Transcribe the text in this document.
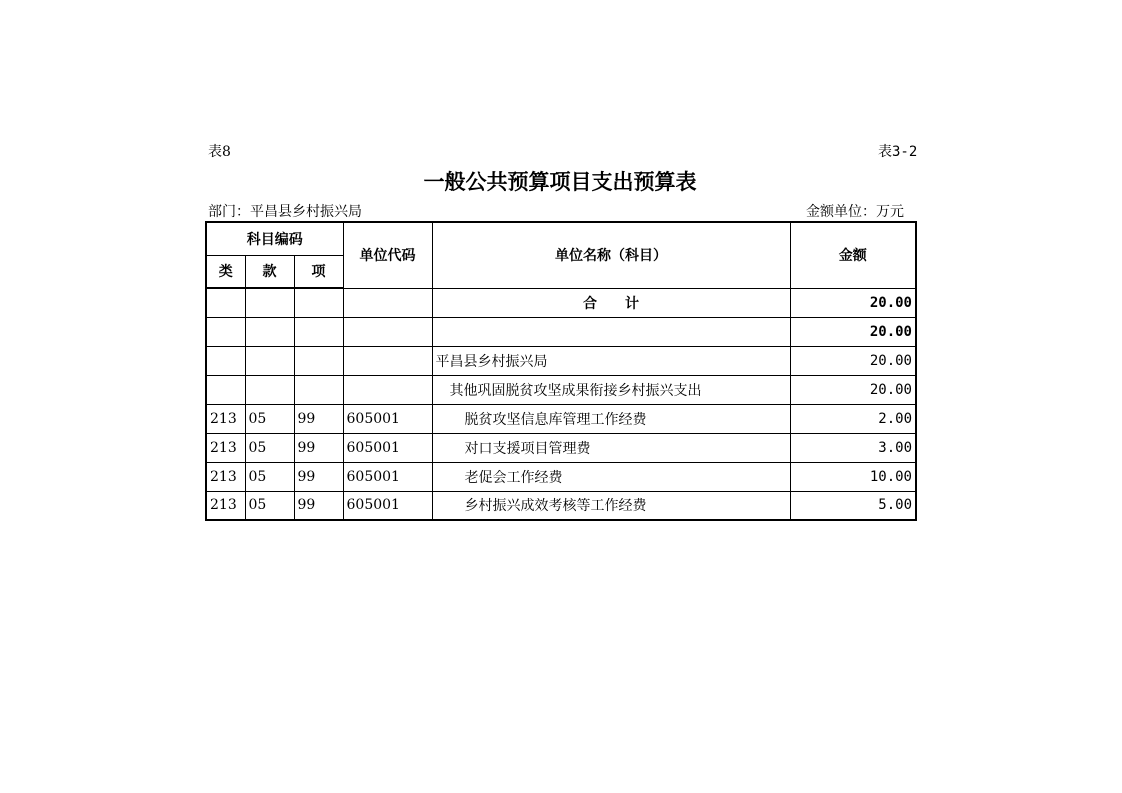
表8	表3-2
一般公共预算项目支出预算表
部门：平昌县乡村振兴局	金额单位：万元
科目编码			单位代码	单位名称（科目）	金额
类	款	项			
				合　　计	20.00
					20.00
				平昌县乡村振兴局	20.00
				其他巩固脱贫攻坚成果衔接乡村振兴支出	20.00
213	05	99	605001	脱贫攻坚信息库管理工作经费	2.00
213	05	99	605001	对口支援项目管理费	3.00
213	05	99	605001	老促会工作经费	10.00
213	05	99	605001	乡村振兴成效考核等工作经费	5.00
